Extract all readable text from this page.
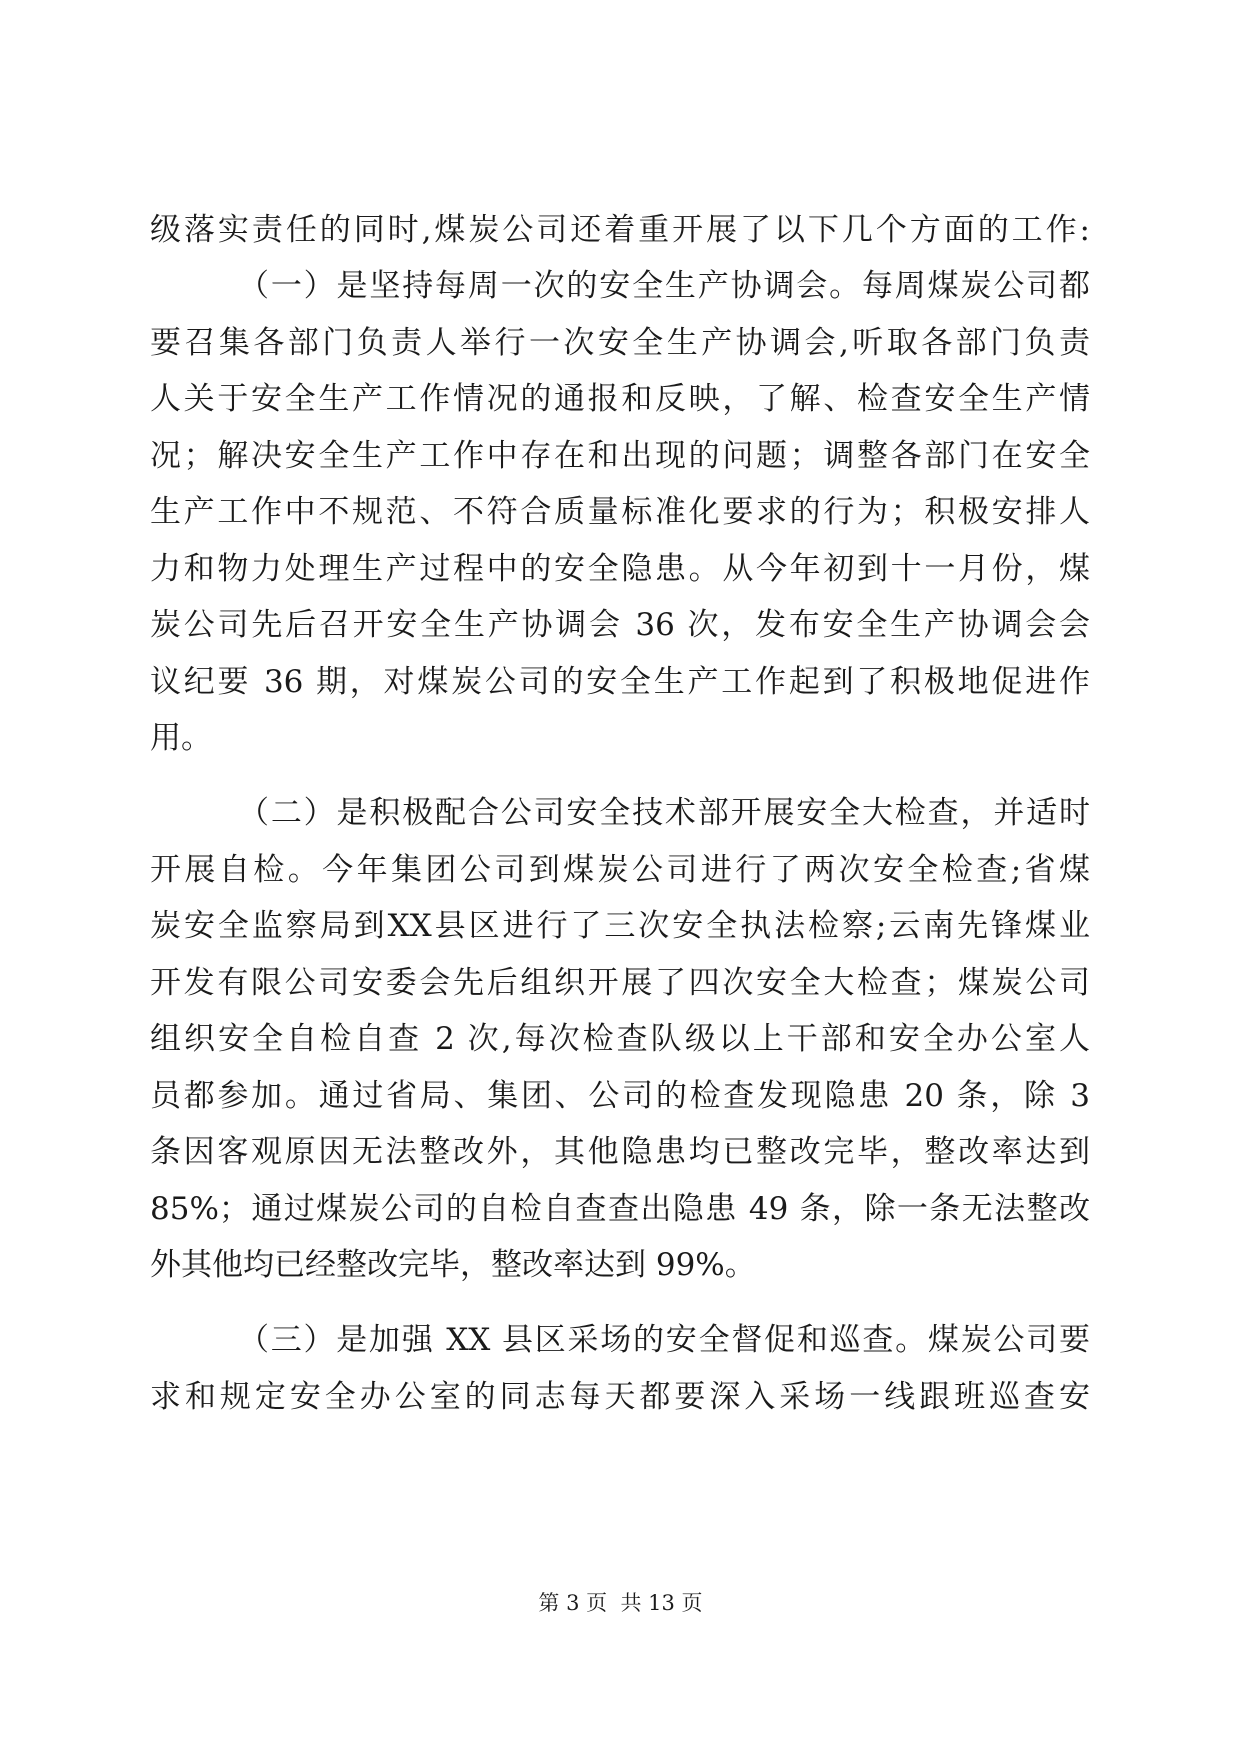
级落实责任的同时,煤炭公司还着重开展了以下几个方面的工作:
（一）是坚持每周一次的安全生产协调会。每周煤炭公司都
要召集各部门负责人举行一次安全生产协调会,听取各部门负责
人关于安全生产工作情况的通报和反映，了解、检查安全生产情
况；解决安全生产工作中存在和出现的问题；调整各部门在安全
生产工作中不规范、不符合质量标准化要求的行为；积极安排人
力和物力处理生产过程中的安全隐患。从今年初到十一月份，煤
炭公司先后召开安全生产协调会 36 次，发布安全生产协调会会
议纪要 36 期，对煤炭公司的安全生产工作起到了积极地促进作
用。
（二）是积极配合公司安全技术部开展安全大检查，并适时
开展自检。今年集团公司到煤炭公司进行了两次安全检查;省煤
炭安全监察局到XX县区进行了三次安全执法检察;云南先锋煤业
开发有限公司安委会先后组织开展了四次安全大检查；煤炭公司
组织安全自检自查 2 次,每次检查队级以上干部和安全办公室人
员都参加。通过省局、集团、公司的检查发现隐患 20 条，除 3
条因客观原因无法整改外，其他隐患均已整改完毕，整改率达到
85%；通过煤炭公司的自检自查查出隐患 49 条，除一条无法整改
外其他均已经整改完毕，整改率达到 99%。
（三）是加强 XX 县区采场的安全督促和巡查。煤炭公司要
求和规定安全办公室的同志每天都要深入采场一线跟班巡查安
第 3 页  共 13 页
